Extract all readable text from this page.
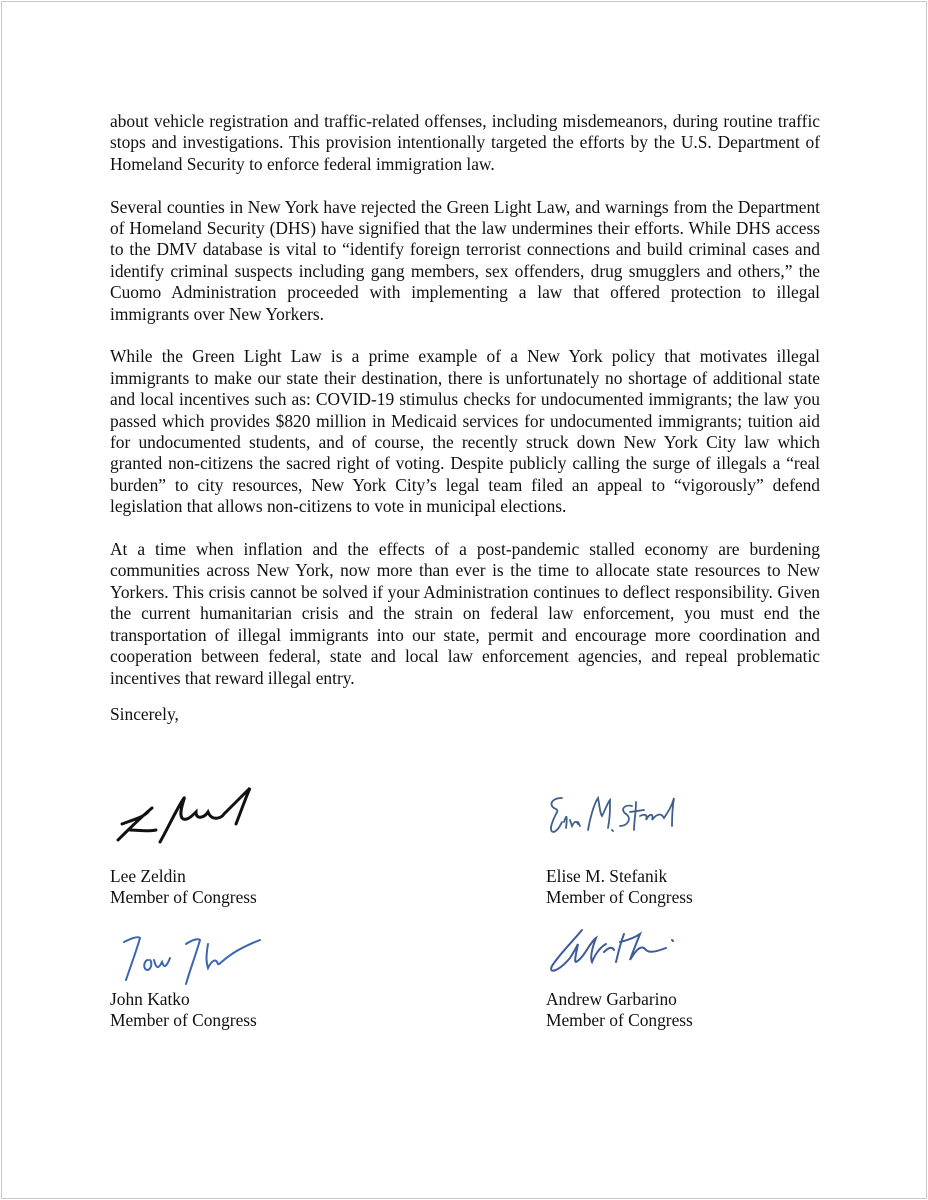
about vehicle registration and traffic-related offenses, including misdemeanors, during routine traffic stops and investigations. This provision intentionally targeted the efforts by the U.S. Department of Homeland Security to enforce federal immigration law.

Several counties in New York have rejected the Green Light Law, and warnings from the Department of Homeland Security (DHS) have signified that the law undermines their efforts. While DHS access to the DMV database is vital to “identify foreign terrorist connections and build criminal cases and identify criminal suspects including gang members, sex offenders, drug smugglers and others,” the Cuomo Administration proceeded with implementing a law that offered protection to illegal immigrants over New Yorkers.

While the Green Light Law is a prime example of a New York policy that motivates illegal immigrants to make our state their destination, there is unfortunately no shortage of additional state and local incentives such as: COVID-19 stimulus checks for undocumented immigrants; the law you passed which provides $820 million in Medicaid services for undocumented immigrants; tuition aid for undocumented students, and of course, the recently struck down New York City law which granted non-citizens the sacred right of voting. Despite publicly calling the surge of illegals a “real burden” to city resources, New York City’s legal team filed an appeal to “vigorously” defend legislation that allows non-citizens to vote in municipal elections.

At a time when inflation and the effects of a post-pandemic stalled economy are burdening communities across New York, now more than ever is the time to allocate state resources to New Yorkers. This crisis cannot be solved if your Administration continues to deflect responsibility. Given the current humanitarian crisis and the strain on federal law enforcement, you must end the transportation of illegal immigrants into our state, permit and encourage more coordination and cooperation between federal, state and local law enforcement agencies, and repeal problematic incentives that reward illegal entry.

Sincerely,
Lee Zeldin
Member of Congress
Elise M. Stefanik
Member of Congress
John Katko
Member of Congress
Andrew Garbarino
Member of Congress
